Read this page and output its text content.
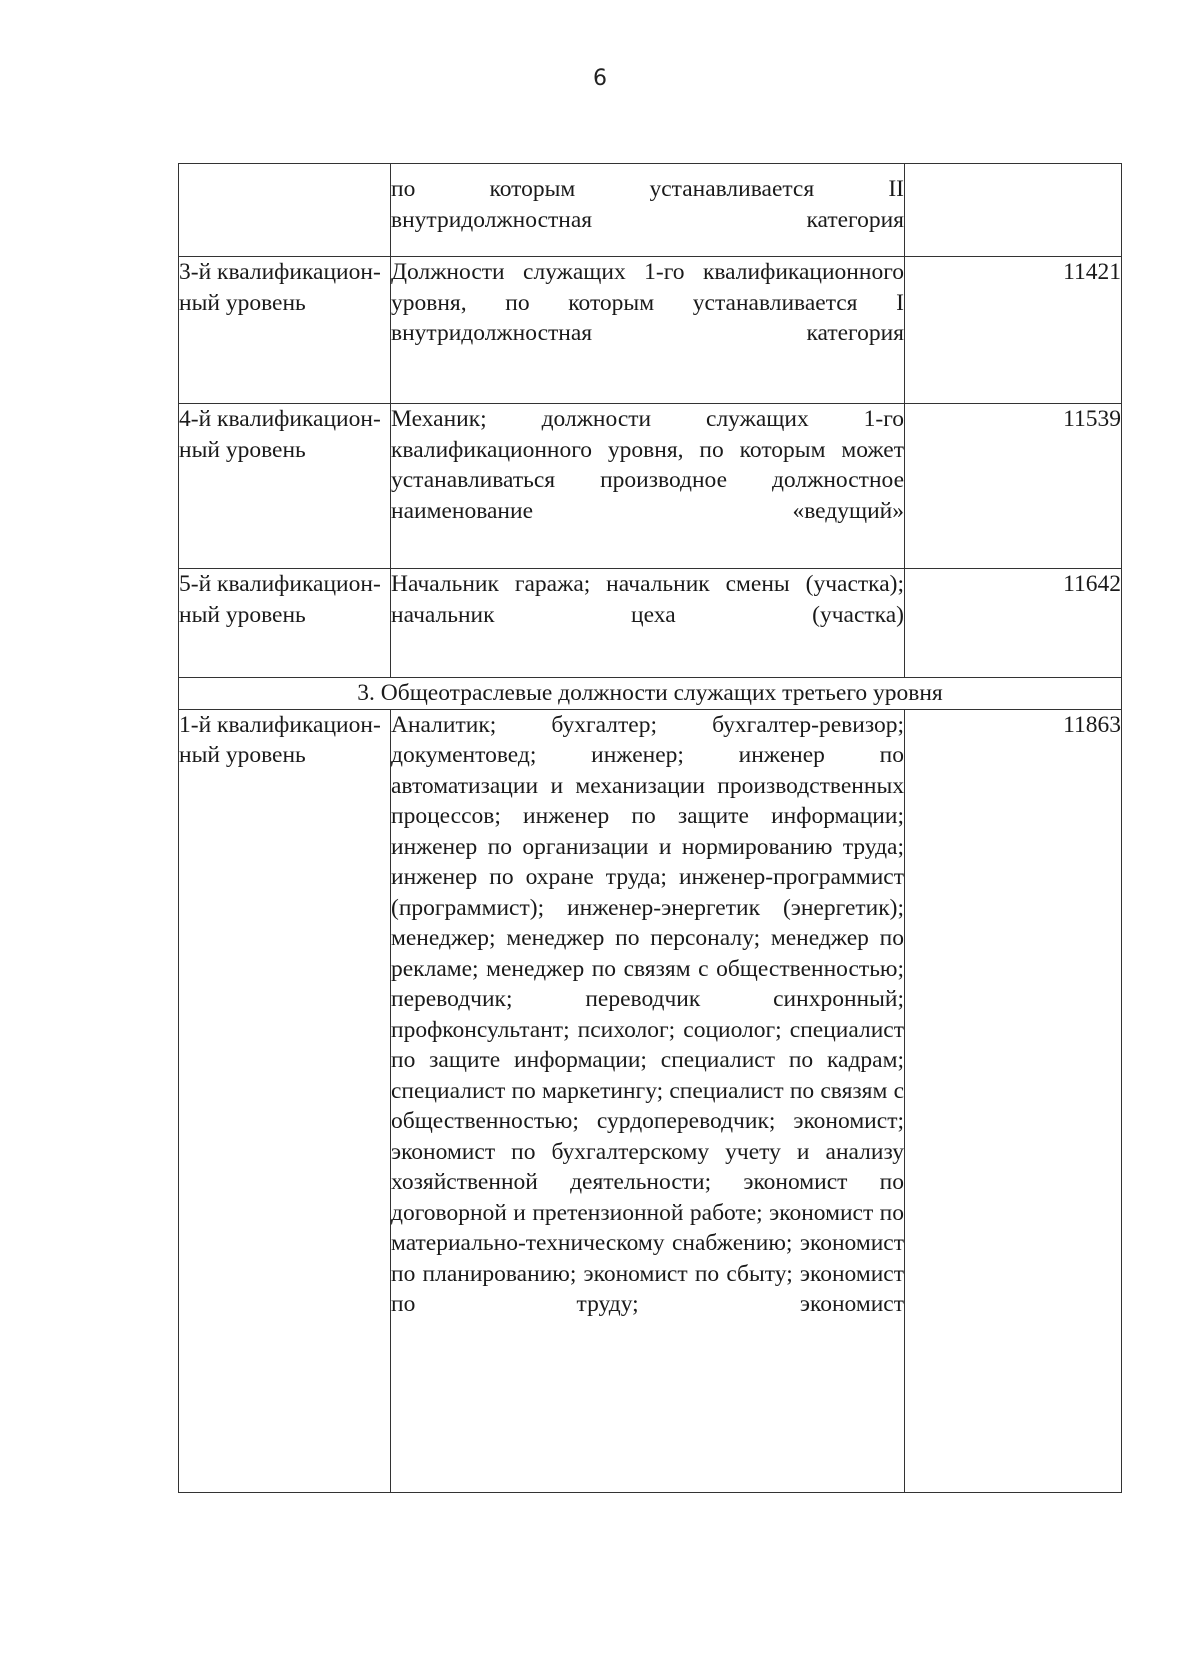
6
	по которым устанавливается II внутридолжностная категория	
3-й квалификацион-ный уровень	Должности служащих 1-го квалификационного уровня, по которым устанавливается I внутридолжностная категория	11421
4-й квалификацион-ный уровень	Механик; должности служащих 1-го квалификационного уровня, по которым может устанавливаться производное должностное наименование «ведущий»	11539
5-й квалификацион-ный уровень	Начальник гаража; начальник смены (участка); начальник цеха (участка)	11642
3. Общеотраслевые должности служащих третьего уровня		
1-й квалификацион-ный уровень	Аналитик; бухгалтер; бухгалтер-ревизор; документовед; инженер; инженер по автоматизации и механизации производственных процессов; инженер по защите информации; инженер по организации и нормированию труда; инженер по охране труда; инженер-программист (программист); инженер-энергетик (энергетик); менеджер; менеджер по персоналу; менеджер по рекламе; менеджер по связям с общественностью; переводчик; переводчик синхронный; профконсультант; психолог; социолог; специалист по защите информации; специалист по кадрам; специалист по маркетингу; специалист по связям с общественностью; сурдопереводчик; экономист; экономист по бухгалтерскому учету и анализу хозяйственной деятельности; экономист по договорной и претензионной работе; экономист по материально-техническому снабжению; экономист по планированию; экономист по сбыту; экономист по труду; экономист	11863
